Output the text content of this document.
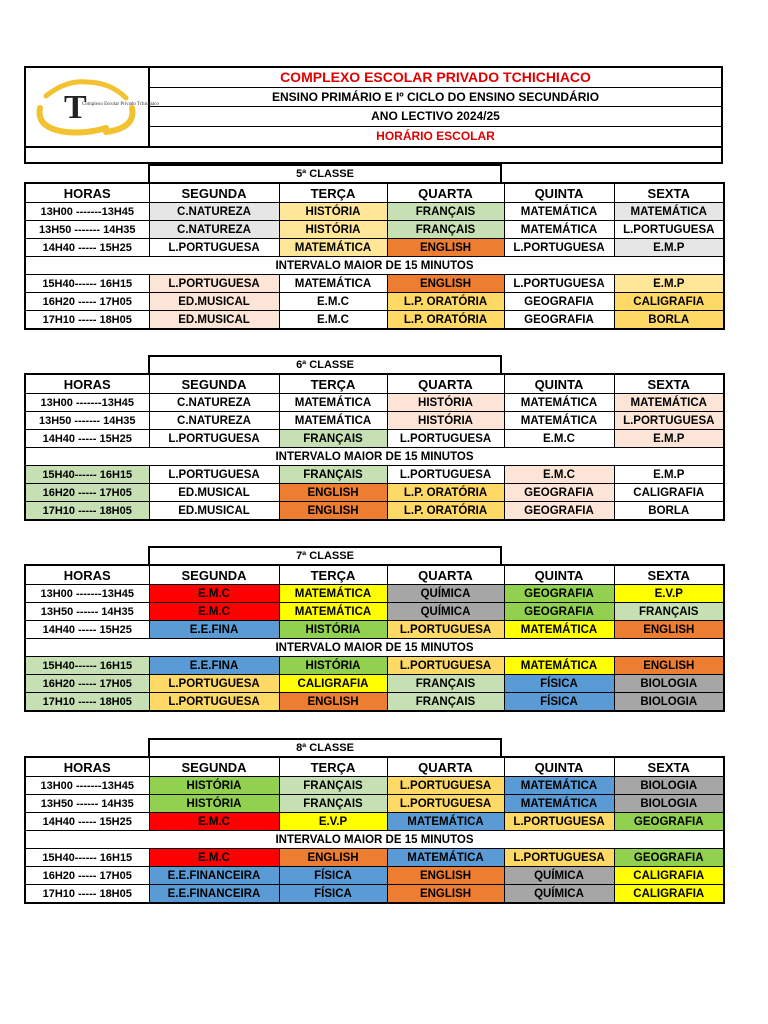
T
Complexo Escolar Privado Tchichiaco
COMPLEXO ESCOLAR PRIVADO TCHICHIACO
ENSINO PRIMÁRIO E Iº CICLO DO ENSINO SECUNDÁRIO
ANO LECTIVO 2024/25
HORÁRIO ESCOLAR
5ª CLASSE
HORAS	SEGUNDA	TERÇA	QUARTA	QUINTA	SEXTA
13H00 -------13H45	C.NATUREZA	HISTÓRIA	FRANÇAIS	MATEMÁTICA	MATEMÁTICA
13H50 ------- 14H35	C.NATUREZA	HISTÓRIA	FRANÇAIS	MATEMÁTICA	L.PORTUGUESA
14H40 ----- 15H25	L.PORTUGUESA	MATEMÁTICA	ENGLISH	L.PORTUGUESA	E.M.P
INTERVALO MAIOR DE 15 MINUTOS					
15H40------ 16H15	L.PORTUGUESA	MATEMÁTICA	ENGLISH	L.PORTUGUESA	E.M.P
16H20 ----- 17H05	ED.MUSICAL	E.M.C	L.P. ORATÓRIA	GEOGRAFIA	CALIGRAFIA
17H10 ----- 18H05	ED.MUSICAL	E.M.C	L.P. ORATÓRIA	GEOGRAFIA	BORLA
6ª CLASSE
HORAS	SEGUNDA	TERÇA	QUARTA	QUINTA	SEXTA
13H00 -------13H45	C.NATUREZA	MATEMÁTICA	HISTÓRIA	MATEMÁTICA	MATEMÁTICA
13H50 ------- 14H35	C.NATUREZA	MATEMÁTICA	HISTÓRIA	MATEMÁTICA	L.PORTUGUESA
14H40 ----- 15H25	L.PORTUGUESA	FRANÇAIS	L.PORTUGUESA	E.M.C	E.M.P
INTERVALO MAIOR DE 15 MINUTOS					
15H40------ 16H15	L.PORTUGUESA	FRANÇAIS	L.PORTUGUESA	E.M.C	E.M.P
16H20 ----- 17H05	ED.MUSICAL	ENGLISH	L.P. ORATÓRIA	GEOGRAFIA	CALIGRAFIA
17H10 ----- 18H05	ED.MUSICAL	ENGLISH	L.P. ORATÓRIA	GEOGRAFIA	BORLA
7ª CLASSE
HORAS	SEGUNDA	TERÇA	QUARTA	QUINTA	SEXTA
13H00 -------13H45	E.M.C	MATEMÁTICA	QUÍMICA	GEOGRAFIA	E.V.P
13H50 ------ 14H35	E.M.C	MATEMÁTICA	QUÍMICA	GEOGRAFIA	FRANÇAIS
14H40 ----- 15H25	E.E.FINA	HISTÓRIA	L.PORTUGUESA	MATEMÁTICA	ENGLISH
INTERVALO MAIOR DE 15 MINUTOS					
15H40------ 16H15	E.E.FINA	HISTÓRIA	L.PORTUGUESA	MATEMÁTICA	ENGLISH
16H20 ----- 17H05	L.PORTUGUESA	CALIGRAFIA	FRANÇAIS	FÍSICA	BIOLOGIA
17H10 ----- 18H05	L.PORTUGUESA	ENGLISH	FRANÇAIS	FÍSICA	BIOLOGIA
8ª CLASSE
HORAS	SEGUNDA	TERÇA	QUARTA	QUINTA	SEXTA
13H00 -------13H45	HISTÓRIA	FRANÇAIS	L.PORTUGUESA	MATEMÁTICA	BIOLOGIA
13H50 ------ 14H35	HISTÓRIA	FRANÇAIS	L.PORTUGUESA	MATEMÁTICA	BIOLOGIA
14H40 ----- 15H25	E.M.C	E.V.P	MATEMÁTICA	L.PORTUGUESA	GEOGRAFIA
INTERVALO MAIOR DE 15 MINUTOS					
15H40------ 16H15	E.M.C	ENGLISH	MATEMÁTICA	L.PORTUGUESA	GEOGRAFIA
16H20 ----- 17H05	E.E.FINANCEIRA	FÍSICA	ENGLISH	QUÍMICA	CALIGRAFIA
17H10 ----- 18H05	E.E.FINANCEIRA	FÍSICA	ENGLISH	QUÍMICA	CALIGRAFIA
